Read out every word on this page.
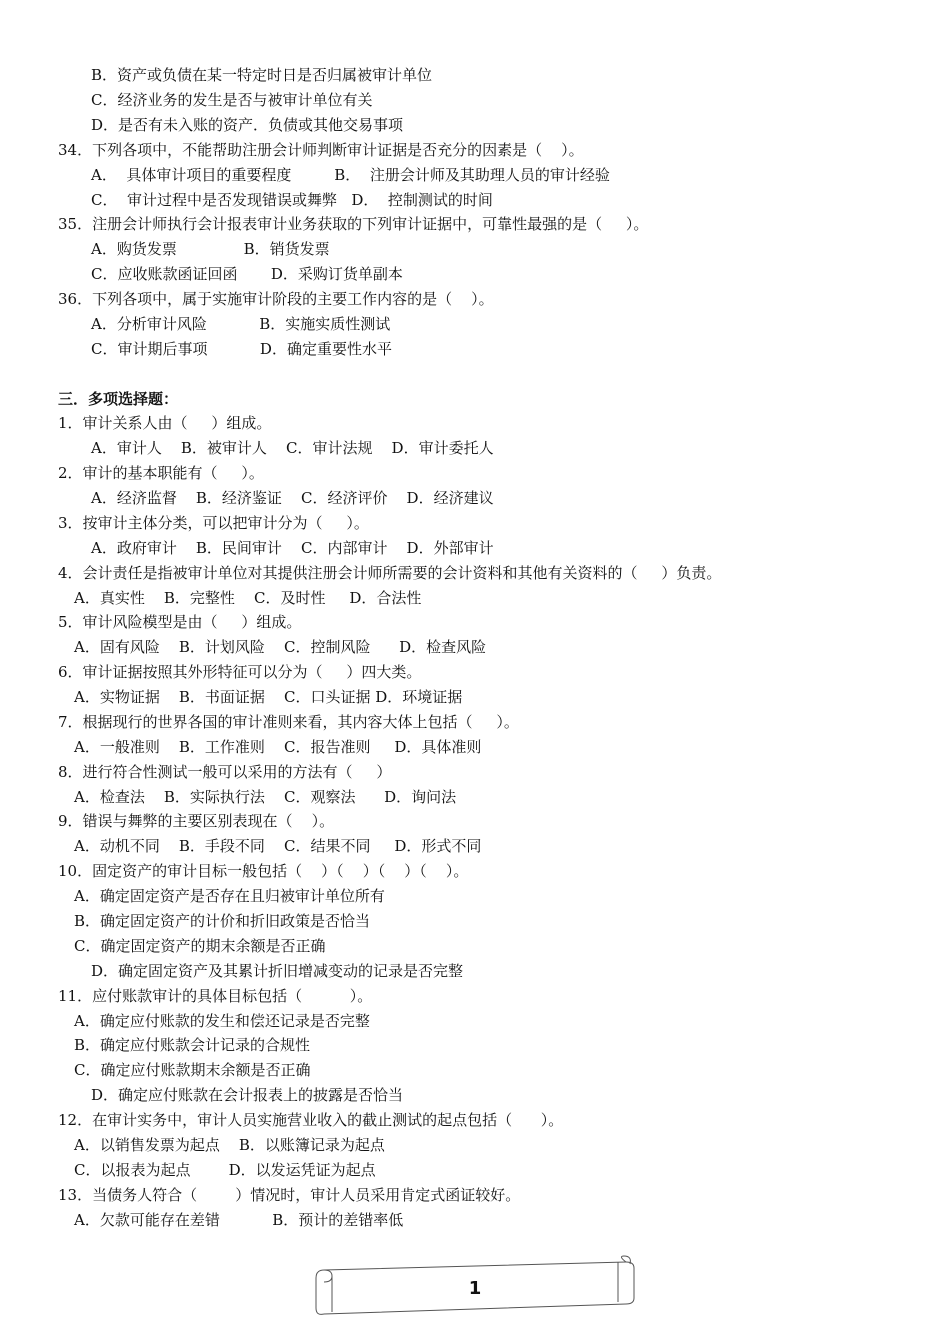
B．资产或负债在某一特定时日是否归属被审计单位
C．经济业务的发生是否与被审计单位有关
D．是否有未入账的资产．负债或其他交易事项
34．下列各项中，不能帮助注册会计师判断审计证据是否充分的因素是（    ）。
A．  具体审计项目的重要程度         B．  注册会计师及其助理人员的审计经验
C．  审计过程中是否发现错误或舞弊   D．  控制测试的时间
35．注册会计师执行会计报表审计业务获取的下列审计证据中，可靠性最强的是（     ）。
A．购货发票              B．销货发票
C．应收账款函证回函       D．采购订货单副本
36．下列各项中，属于实施审计阶段的主要工作内容的是（    ）。
A．分析审计风险           B．实施实质性测试
C．审计期后事项           D．确定重要性水平
三．多项选择题：
1．审计关系人由（     ）组成。
A．审计人    B．被审计人    C．审计法规    D．审计委托人
2．审计的基本职能有（     ）。
A．经济监督    B．经济鉴证    C．经济评价    D．经济建议
3．按审计主体分类，可以把审计分为（     ）。
A．政府审计    B．民间审计    C．内部审计    D．外部审计
4．会计责任是指被审计单位对其提供注册会计师所需要的会计资料和其他有关资料的（     ）负责。
A．真实性    B．完整性    C．及时性     D．合法性
5．审计风险模型是由（     ）组成。
A．固有风险    B．计划风险    C．控制风险      D．检查风险
6．审计证据按照其外形特征可以分为（     ）四大类。
A．实物证据    B．书面证据    C．口头证据 D．环境证据
7．根据现行的世界各国的审计准则来看，其内容大体上包括（     ）。
A．一般准则    B．工作准则    C．报告准则     D．具体准则
8．进行符合性测试一般可以采用的方法有（     ）
A．检查法    B．实际执行法    C．观察法      D．询问法
9．错误与舞弊的主要区别表现在（    ）。
A．动机不同    B．手段不同    C．结果不同     D．形式不同
10．固定资产的审计目标一般包括（    ）（    ）（    ）（    ）。
A．确定固定资产是否存在且归被审计单位所有
B．确定固定资产的计价和折旧政策是否恰当
C．确定固定资产的期末余额是否正确
D．确定固定资产及其累计折旧增减变动的记录是否完整
11．应付账款审计的具体目标包括（          ）。
A．确定应付账款的发生和偿还记录是否完整
B．确定应付账款会计记录的合规性
C．确定应付账款期末余额是否正确
D．确定应付账款在会计报表上的披露是否恰当
12．在审计实务中，审计人员实施营业收入的截止测试的起点包括（      ）。
A．以销售发票为起点    B．以账簿记录为起点
C．以报表为起点        D．以发运凭证为起点
13．当债务人符合（        ）情况时，审计人员采用肯定式函证较好。
A．欠款可能存在差错           B．预计的差错率低
1
